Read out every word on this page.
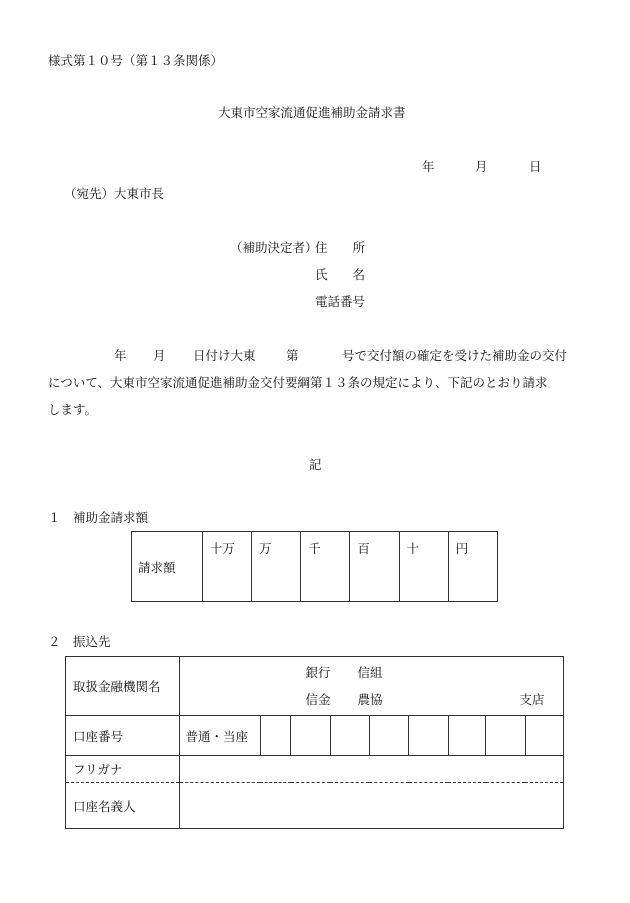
様式第１０号（第１３条関係）
大東市空家流通促進補助金請求書
年	月	日
（宛先）大東市長
（補助決定者）
住　　所
氏　　名
電話番号
年 月 日付け大東 第	号で交付額の確定を受けた補助金の交付
について、大東市空家流通促進補助金交付要綱第１３条の規定により、下記のとおり請求
します。
記
１　補助金請求額
請求額	十万	万	千	百	十	円
２　振込先
取扱金融機関名	銀行 信組
信金 農協 支店								

口座番号	普通・当座								
フリガナ									
口座名義人									
